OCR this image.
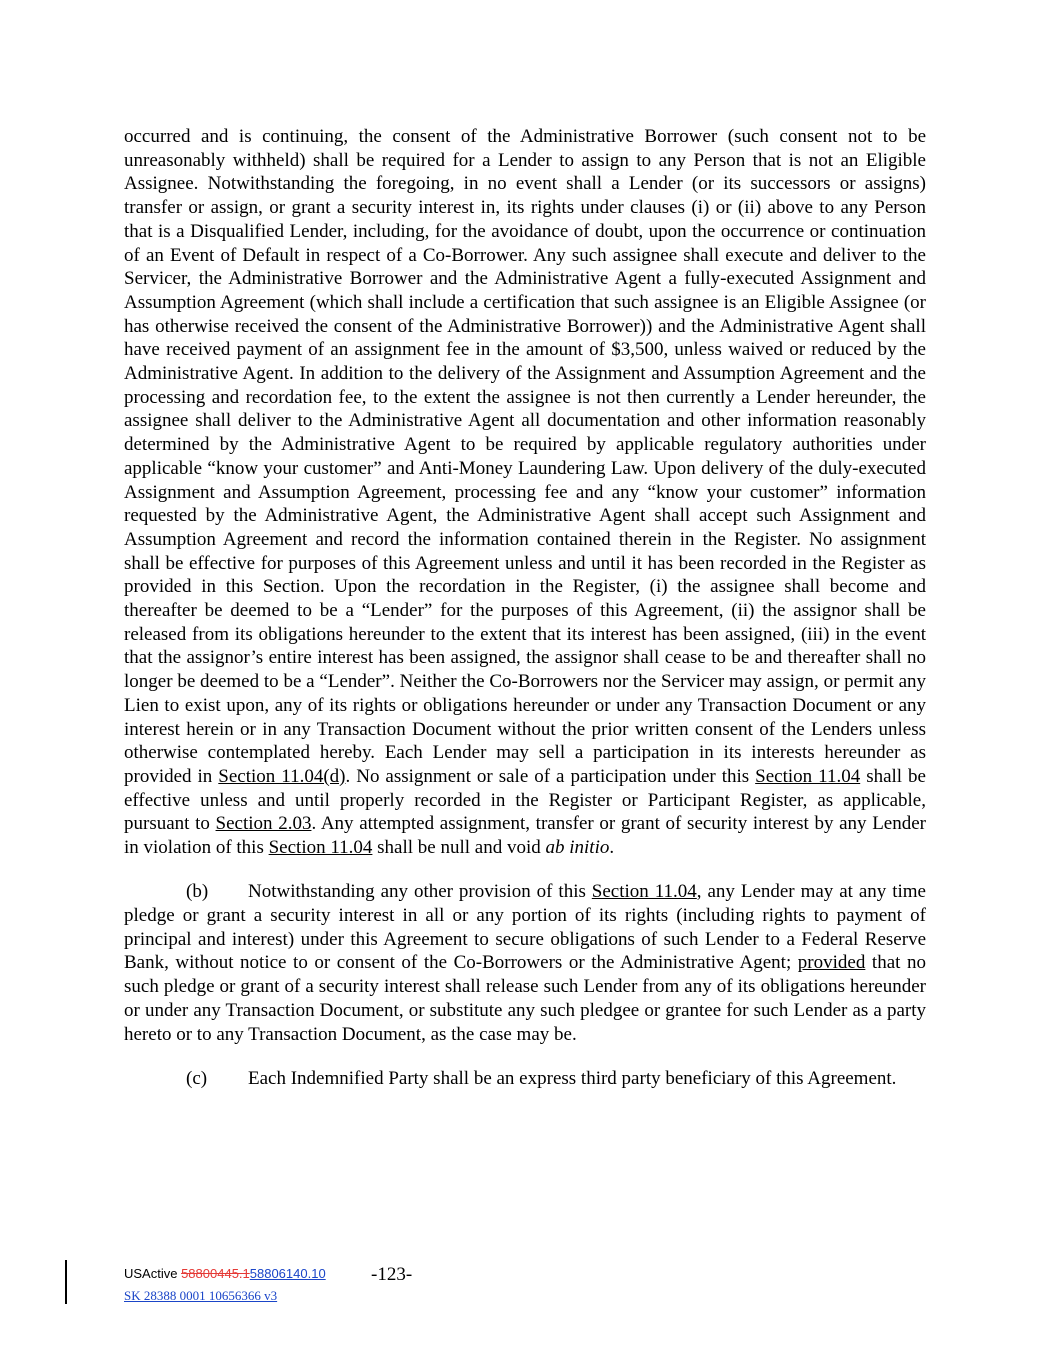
occurred and is continuing, the consent of the Administrative Borrower (such consent not to be unreasonably withheld) shall be required for a Lender to assign to any Person that is not an Eligible Assignee. Notwithstanding the foregoing, in no event shall a Lender (or its successors or assigns) transfer or assign, or grant a security interest in, its rights under clauses (i) or (ii) above to any Person that is a Disqualified Lender, including, for the avoidance of doubt, upon the occurrence or continuation of an Event of Default in respect of a Co-Borrower. Any such assignee shall execute and deliver to the Servicer, the Administrative Borrower and the Administrative Agent a fully-executed Assignment and Assumption Agreement (which shall include a certification that such assignee is an Eligible Assignee (or has otherwise received the consent of the Administrative Borrower)) and the Administrative Agent shall have received payment of an assignment fee in the amount of $3,500, unless waived or reduced by the Administrative Agent. In addition to the delivery of the Assignment and Assumption Agreement and the processing and recordation fee, to the extent the assignee is not then currently a Lender hereunder, the assignee shall deliver to the Administrative Agent all documentation and other information reasonably determined by the Administrative Agent to be required by applicable regulatory authorities under applicable “know your customer” and Anti-Money Laundering Law. Upon delivery of the duly-executed Assignment and Assumption Agreement, processing fee and any “know your customer” information requested by the Administrative Agent, the Administrative Agent shall accept such Assignment and Assumption Agreement and record the information contained therein in the Register. No assignment shall be effective for purposes of this Agreement unless and until it has been recorded in the Register as provided in this Section. Upon the recordation in the Register, (i) the assignee shall become and thereafter be deemed to be a “Lender” for the purposes of this Agreement, (ii) the assignor shall be released from its obligations hereunder to the extent that its interest has been assigned, (iii) in the event that the assignor’s entire interest has been assigned, the assignor shall cease to be and thereafter shall no longer be deemed to be a “Lender”. Neither the Co-Borrowers nor the Servicer may assign, or permit any Lien to exist upon, any of its rights or obligations hereunder or under any Transaction Document or any interest herein or in any Transaction Document without the prior written consent of the Lenders unless otherwise contemplated hereby. Each Lender may sell a participation in its interests hereunder as provided in Section 11.04(d). No assignment or sale of a participation under this Section 11.04 shall be effective unless and until properly recorded in the Register or Participant Register, as applicable, pursuant to Section 2.03. Any attempted assignment, transfer or grant of security interest by any Lender in violation of this Section 11.04 shall be null and void ab initio.

(b) Notwithstanding any other provision of this Section 11.04, any Lender may at any time pledge or grant a security interest in all or any portion of its rights (including rights to payment of principal and interest) under this Agreement to secure obligations of such Lender to a Federal Reserve Bank, without notice to or consent of the Co-Borrowers or the Administrative Agent; provided that no such pledge or grant of a security interest shall release such Lender from any of its obligations hereunder or under any Transaction Document, or substitute any such pledgee or grantee for such Lender as a party hereto or to any Transaction Document, as the case may be.

(c) Each Indemnified Party shall be an express third party beneficiary of this Agreement.

USActive 58800445.158806140.10 -123-
SK 28388 0001 10656366 v3
